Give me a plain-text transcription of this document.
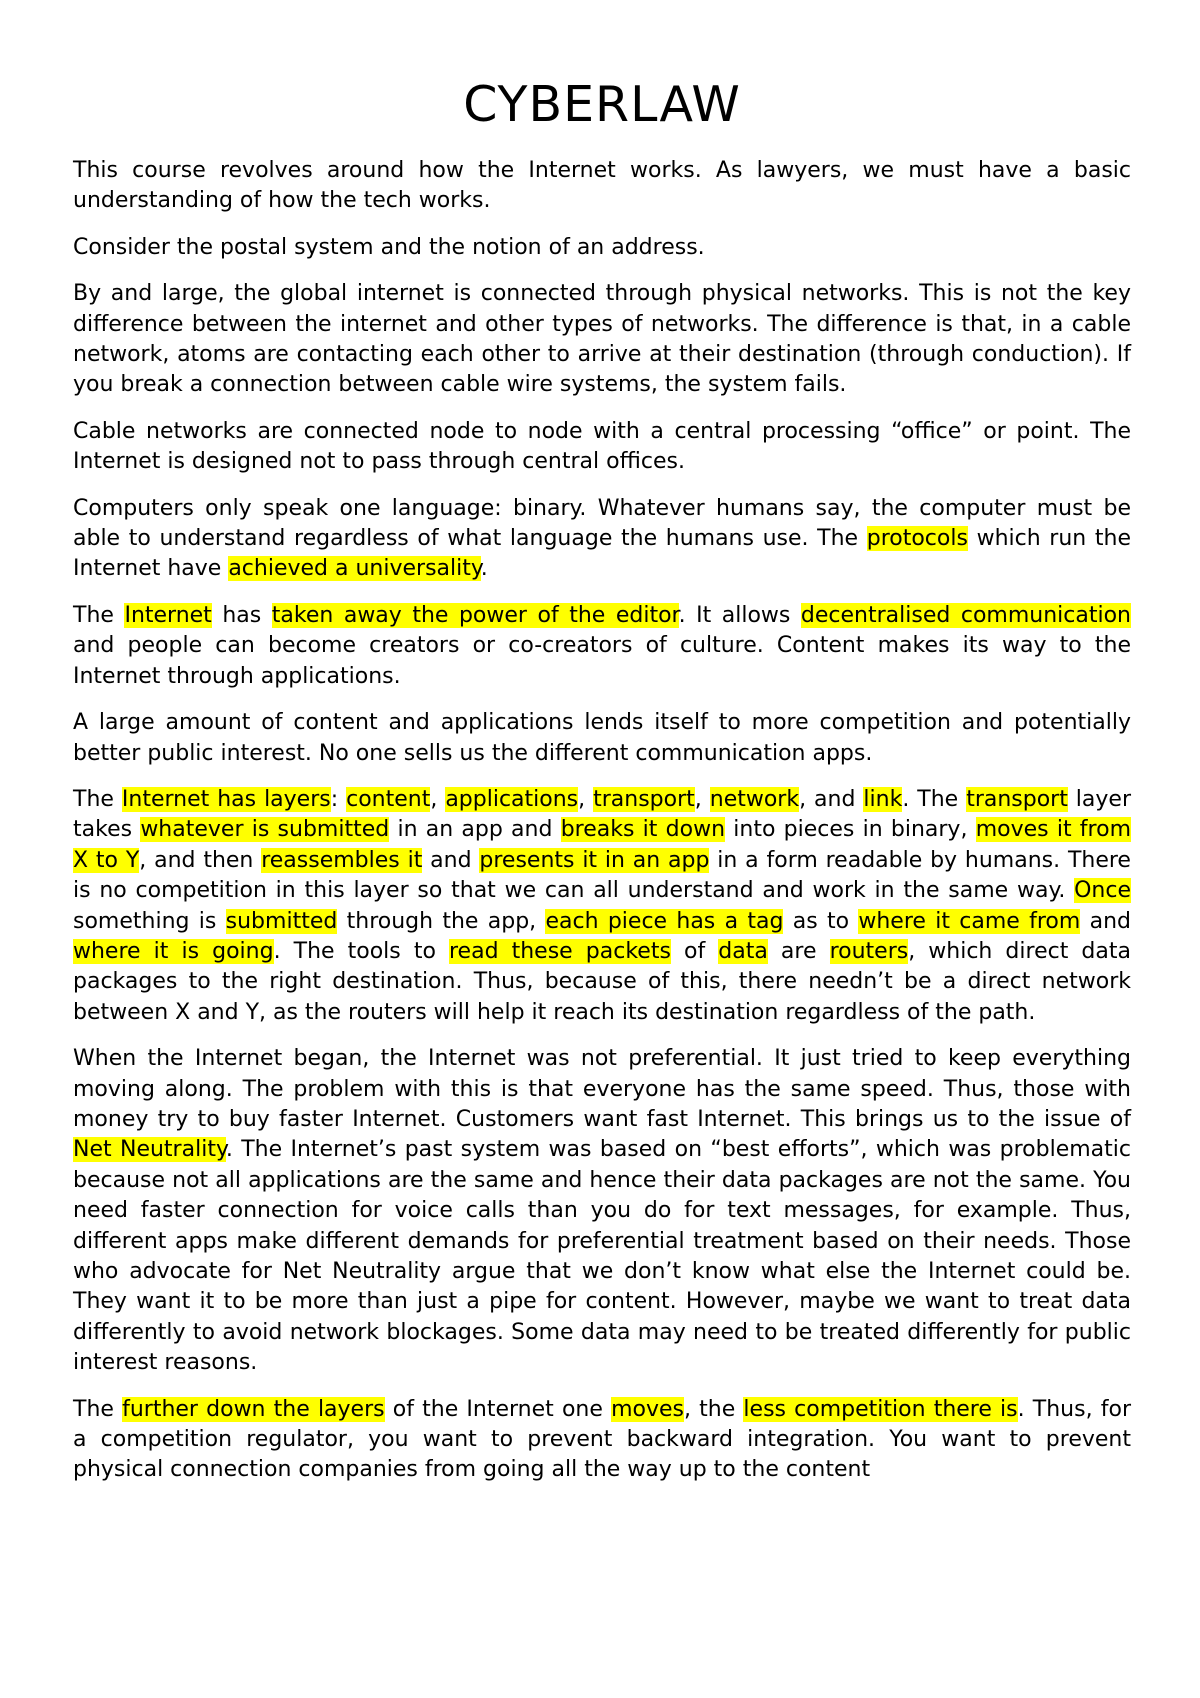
CYBERLAW

This course revolves around how the Internet works. As lawyers, we must have a basic understanding of how the tech works.

Consider the postal system and the notion of an address.

By and large, the global internet is connected through physical networks. This is not the key difference between the internet and other types of networks. The difference is that, in a cable network, atoms are contacting each other to arrive at their destination (through conduction). If you break a connection between cable wire systems, the system fails.

Cable networks are connected node to node with a central processing “office” or point. The Internet is designed not to pass through central offices.

Computers only speak one language: binary. Whatever humans say, the computer must be able to understand regardless of what language the humans use. The protocols which run the Internet have achieved a universality.

The Internet has taken away the power of the editor. It allows decentralised communication and people can become creators or co-creators of culture. Content makes its way to the Internet through applications.

A large amount of content and applications lends itself to more competition and potentially better public interest. No one sells us the different communication apps.

The Internet has layers: content, applications, transport, network, and link. The transport layer takes whatever is submitted in an app and breaks it down into pieces in binary, moves it from X to Y, and then reassembles it and presents it in an app in a form readable by humans. There is no competition in this layer so that we can all understand and work in the same way. Once something is submitted through the app, each piece has a tag as to where it came from and where it is going. The tools to read these packets of data are routers, which direct data packages to the right destination. Thus, because of this, there needn’t be a direct network between X and Y, as the routers will help it reach its destination regardless of the path.

When the Internet began, the Internet was not preferential. It just tried to keep everything moving along. The problem with this is that everyone has the same speed. Thus, those with money try to buy faster Internet. Customers want fast Internet. This brings us to the issue of Net Neutrality. The Internet’s past system was based on “best efforts”, which was problematic because not all applications are the same and hence their data packages are not the same. You need faster connection for voice calls than you do for text messages, for example. Thus, different apps make different demands for preferential treatment based on their needs. Those who advocate for Net Neutrality argue that we don’t know what else the Internet could be. They want it to be more than just a pipe for content. However, maybe we want to treat data differently to avoid network blockages. Some data may need to be treated differently for public interest reasons.

The further down the layers of the Internet one moves, the less competition there is. Thus, for a competition regulator, you want to prevent backward integration. You want to prevent physical connection companies from going all the way up to the content
